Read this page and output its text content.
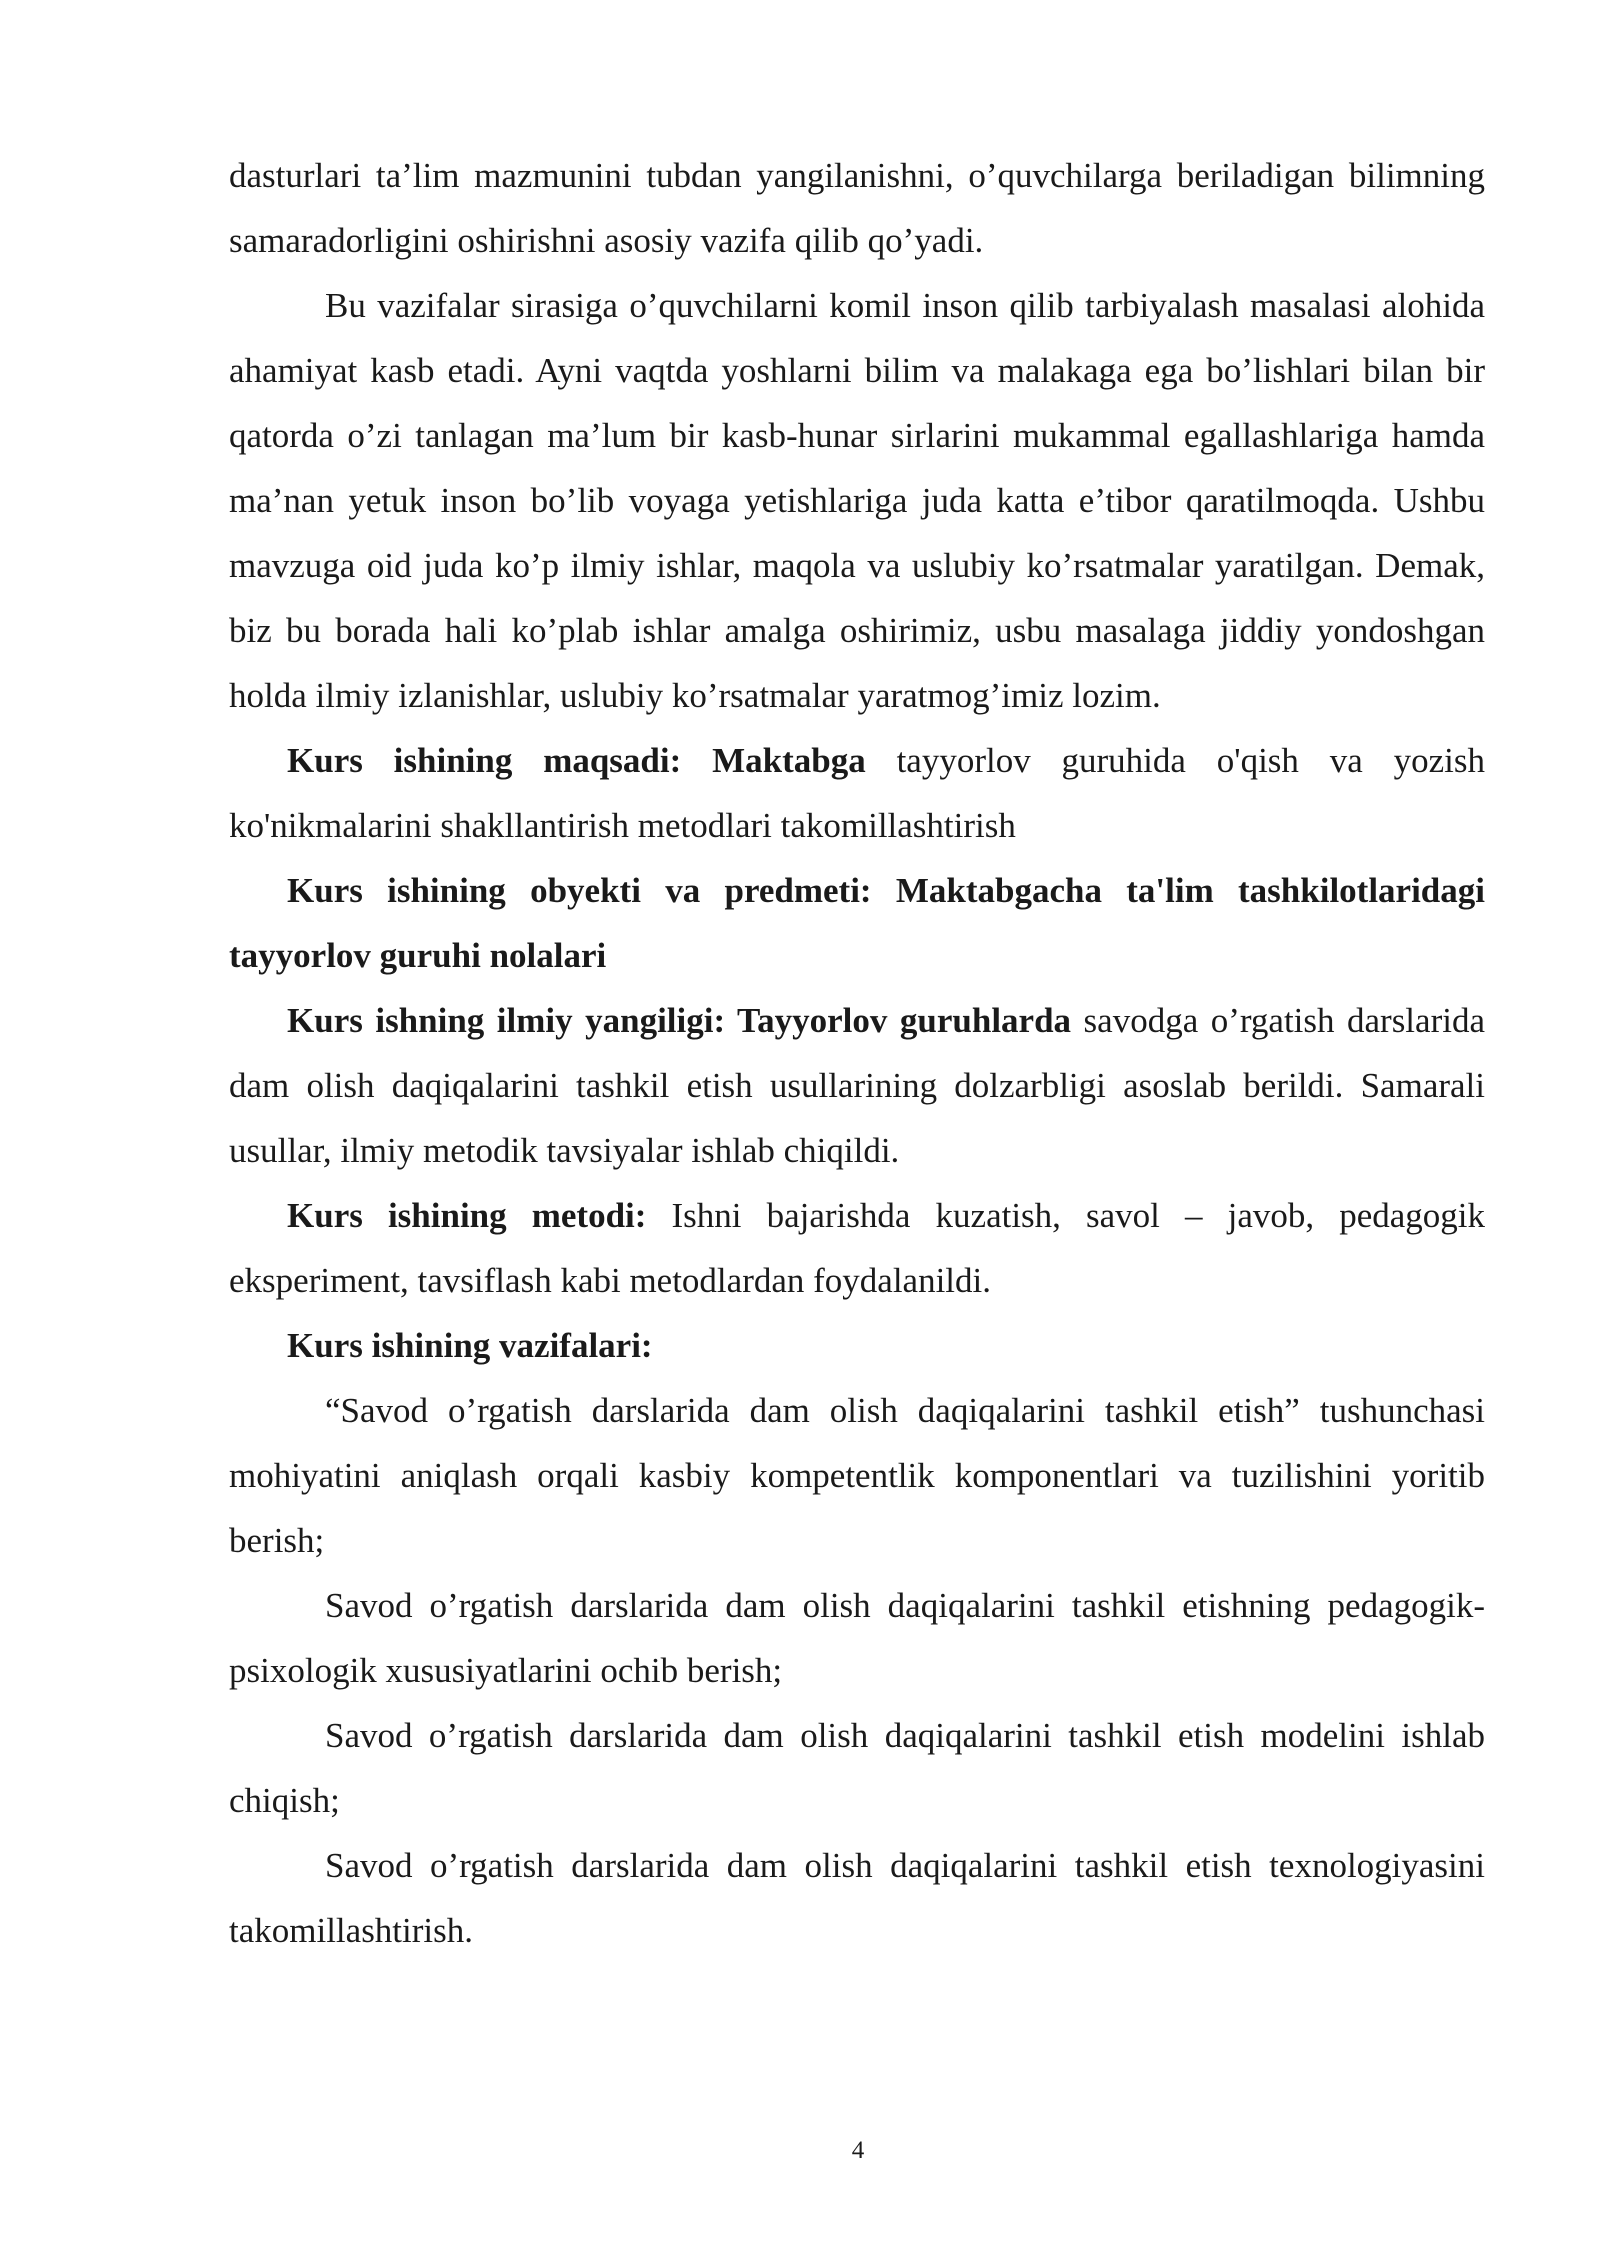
dasturlari ta’lim mazmunini tubdan yangilanishni, o’quvchilarga beriladigan bilimning samaradorligini oshirishni asosiy vazifa qilib qo’yadi.

Bu vazifalar sirasiga o’quvchilarni komil inson qilib tarbiyalash masalasi alohida ahamiyat kasb etadi. Ayni vaqtda yoshlarni bilim va malakaga ega bo’lishlari bilan bir qatorda o’zi tanlagan ma’lum bir kasb-hunar sirlarini mukammal egallashlariga hamda ma’nan yetuk inson bo’lib voyaga yetishlariga juda katta e’tibor qaratilmoqda. Ushbu mavzuga oid juda ko’p ilmiy ishlar, maqola va uslubiy ko’rsatmalar yaratilgan. Demak, biz bu borada hali ko’plab ishlar amalga oshirimiz, usbu masalaga jiddiy yondoshgan holda ilmiy izlanishlar, uslubiy ko’rsatmalar yaratmog’imiz lozim.

Kurs ishining maqsadi: Maktabga tayyorlov guruhida o'qish va yozish ko'nikmalarini shakllantirish metodlari takomillashtirish

Kurs ishining obyekti va predmeti: Maktabgacha ta'lim tashkilotlaridagi tayyorlov guruhi nolalari

Kurs ishning ilmiy yangiligi: Tayyorlov guruhlarda savodga o’rgatish darslarida dam olish daqiqalarini tashkil etish usullarining dolzarbligi asoslab berildi. Samarali usullar, ilmiy metodik tavsiyalar ishlab chiqildi.

Kurs ishining metodi: Ishni bajarishda kuzatish, savol – javob, pedagogik eksperiment, tavsiflash kabi metodlardan foydalanildi.

Kurs ishining vazifalari:

“Savod o’rgatish darslarida dam olish daqiqalarini tashkil etish” tushunchasi mohiyatini aniqlash orqali kasbiy kompetentlik komponentlari va tuzilishini yoritib berish;

Savod o’rgatish darslarida dam olish daqiqalarini tashkil etishning pedagogik-psixologik xususiyatlarini ochib berish;

Savod o’rgatish darslarida dam olish daqiqalarini tashkil etish modelini ishlab chiqish;

Savod o’rgatish darslarida dam olish daqiqalarini tashkil etish texnologiyasini takomillashtirish.

4
